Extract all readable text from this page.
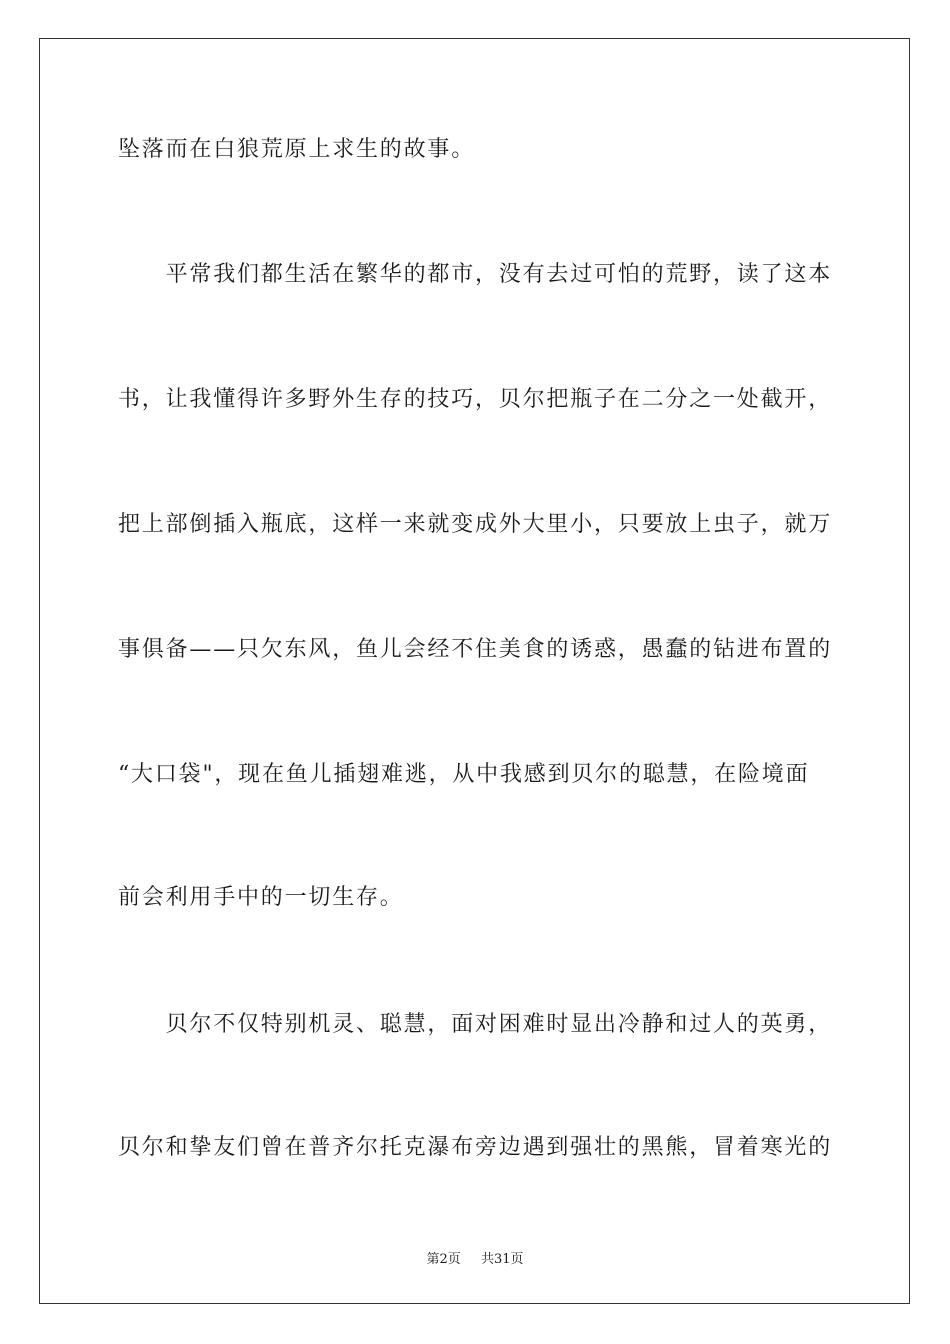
坠落而在白狼荒原上求生的故事。
　　平常我们都生活在繁华的都市，没有去过可怕的荒野，读了这本
书，让我懂得许多野外生存的技巧，贝尔把瓶子在二分之一处截开，
把上部倒插入瓶底，这样一来就变成外大里小，只要放上虫子，就万
事俱备——只欠东风，鱼儿会经不住美食的诱惑，愚蠢的钻进布置的
“大口袋"，现在鱼儿插翅难逃，从中我感到贝尔的聪慧，在险境面
前会利用手中的一切生存。
　　贝尔不仅特别机灵、聪慧，面对困难时显出冷静和过人的英勇，
贝尔和挚友们曾在普齐尔托克瀑布旁边遇到强壮的黑熊，冒着寒光的
第2页 共31页
